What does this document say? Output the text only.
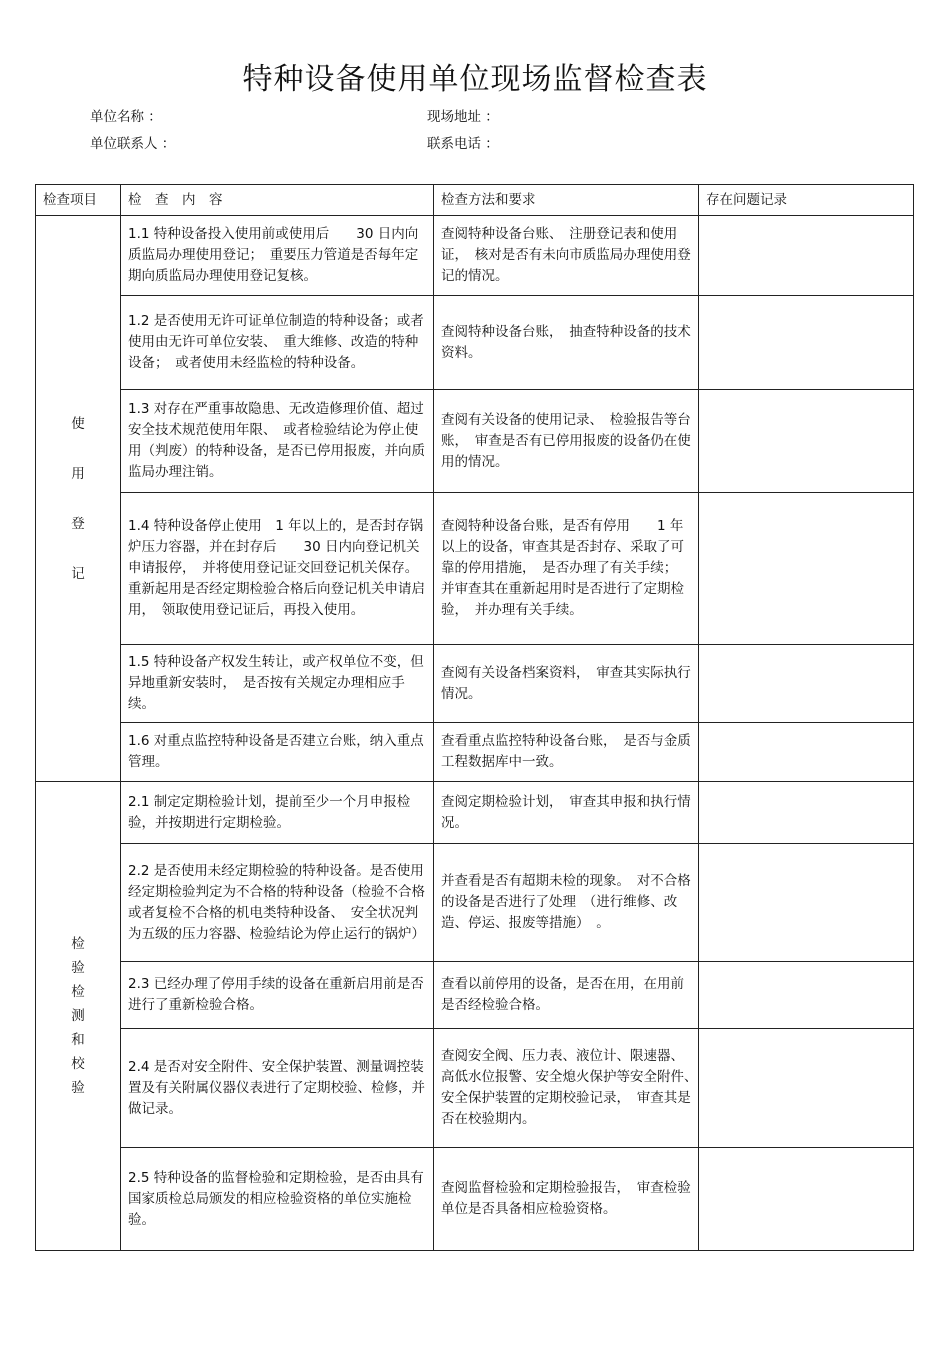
特种设备使用单位现场监督检查表
单位名称 ：	现场地址 ：
单位联系人 ：	联系电话 ：
检查项目	检　查　内　容	检查方法和要求	存在问题记录
使用登记	1.1 特种设备投入使用前或使用后　　30 日内向质监局办理使用登记；　重要压力管道是否每年定期向质监局办理使用登记复核。	查阅特种设备台账、　注册登记表和使用证，　核对是否有未向市质监局办理使用登记的情况。	
	1.2 是否使用无许可证单位制造的特种设备；或者使用由无许可单位安装、　重大维修、改造的特种设备；　或者使用未经监检的特种设备。	查阅特种设备台账，　抽查特种设备的技术资料。	
	1.3 对存在严重事故隐患、无改造修理价值、超过安全技术规范使用年限、　或者检验结论为停止使用（判废）的特种设备，是否已停用报废，并向质监局办理注销。	查阅有关设备的使用记录、　检验报告等台账，　审查是否有已停用报废的设备仍在使用的情况。	
	1.4 特种设备停止使用　1 年以上的，是否封存锅炉压力容器，并在封存后　　30 日内向登记机关申请报停，　并将使用登记证交回登记机关保存。　重新起用是否经定期检验合格后向登记机关申请启用，　领取使用登记证后，再投入使用。	查阅特种设备台账，是否有停用　　1 年以上的设备，审查其是否封存、采取了可靠的停用措施，　是否办理了有关手续；　并审查其在重新起用时是否进行了定期检验，　并办理有关手续。	
	1.5 特种设备产权发生转让，或产权单位不变，但异地重新安装时，　是否按有关规定办理相应手续。	查阅有关设备档案资料，　审查其实际执行情况。	
	1.6 对重点监控特种设备是否建立台账，纳入重点管理。	查看重点监控特种设备台账，　是否与金质工程数据库中一致。	
检验检测和校验	2.1 制定定期检验计划，提前至少一个月申报检验，并按期进行定期检验。	查阅定期检验计划，　审查其申报和执行情况。	
	2.2 是否使用未经定期检验的特种设备。是否使用经定期检验判定为不合格的特种设备（检验不合格或者复检不合格的机电类特种设备、　安全状况判为五级的压力容器、检验结论为停止运行的锅炉）	并查看是否有超期未检的现象。　对不合格的设备是否进行了处理　（进行维修、改造、停运、报废等措施）　。	
	2.3 已经办理了停用手续的设备在重新启用前是否进行了重新检验合格。	查看以前停用的设备，是否在用，在用前是否经检验合格。	
	2.4 是否对安全附件、安全保护装置、测量调控装置及有关附属仪器仪表进行了定期校验、检修，并做记录。	查阅安全阀、压力表、液位计、限速器、高低水位报警、安全熄火保护等安全附件、　安全保护装置的定期校验记录，　审查其是否在校验期内。	
	2.5 特种设备的监督检验和定期检验，是否由具有国家质检总局颁发的相应检验资格的单位实施检验。	查阅监督检验和定期检验报告，　审查检验单位是否具备相应检验资格。	
